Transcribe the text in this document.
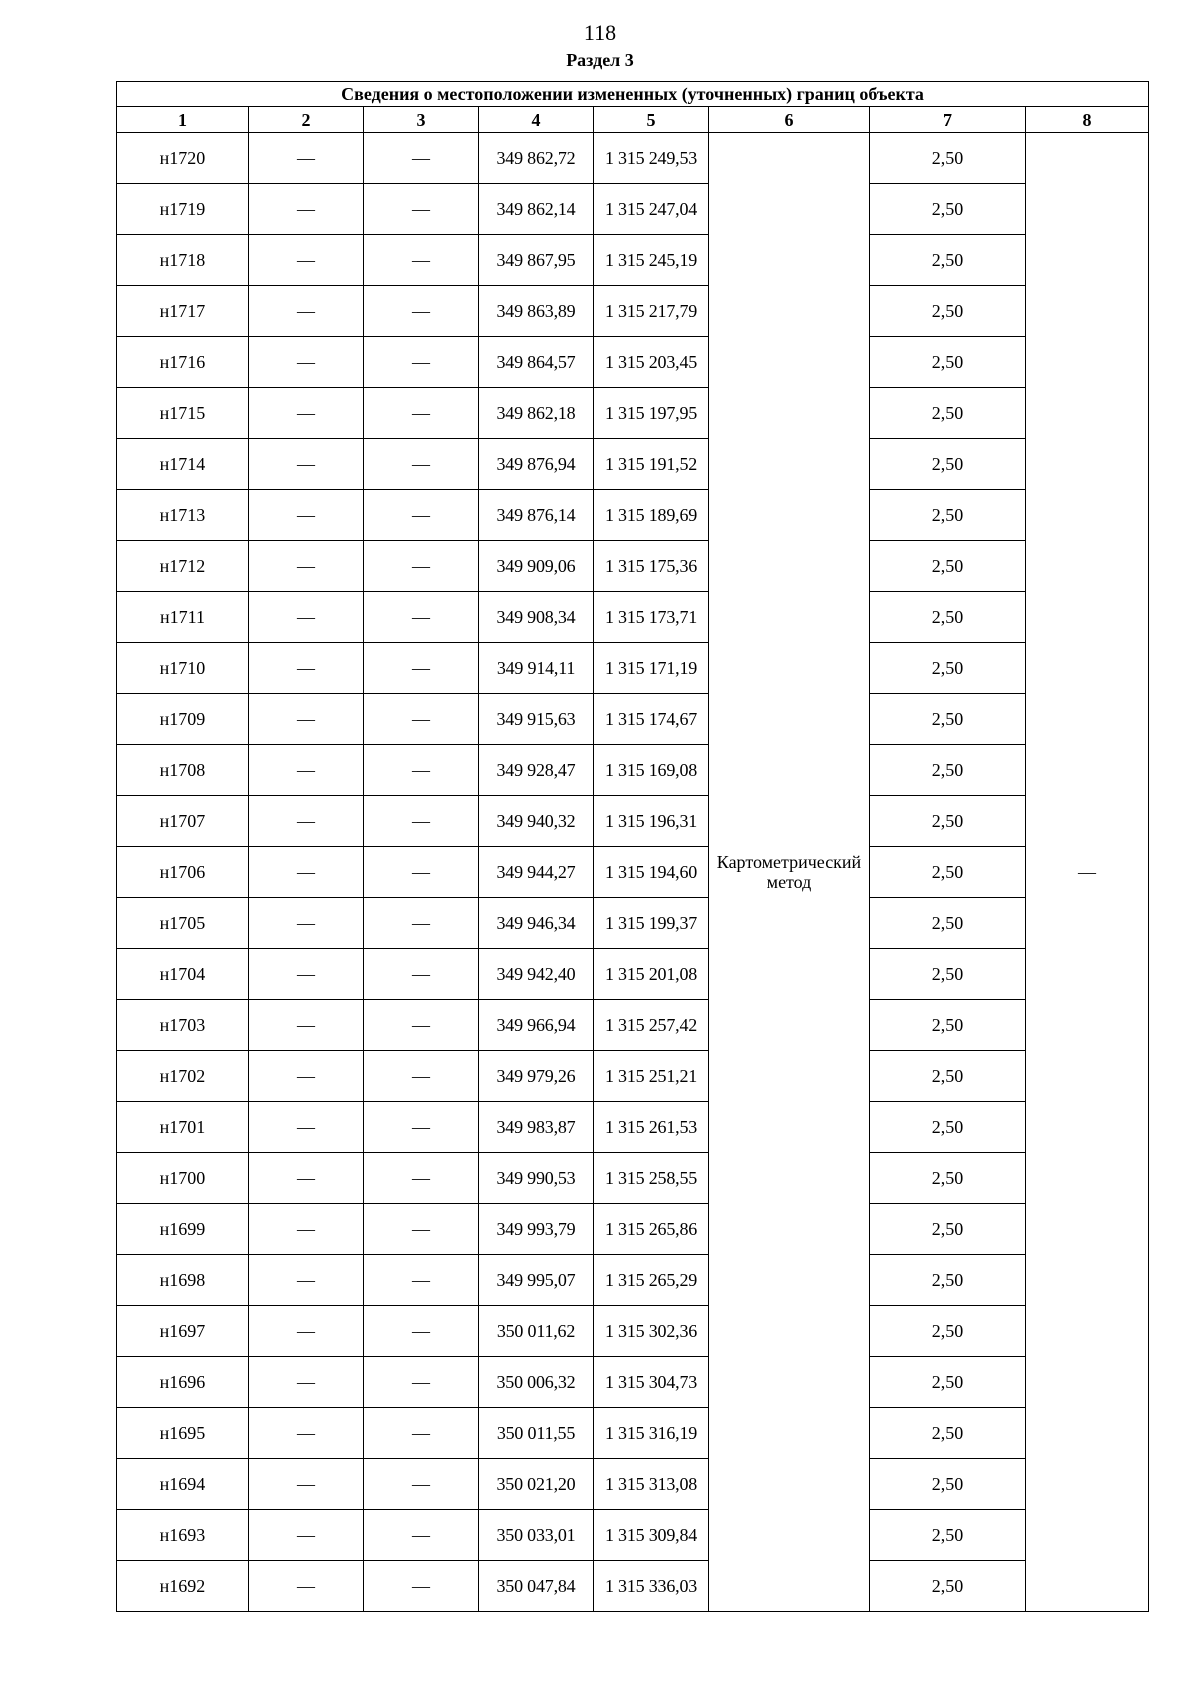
118
Раздел 3
Сведения о местоположении измененных (уточненных) границ объекта							
1	2	3	4	5	6	7	8
н1720	—	—	349 862,72	1 315 249,53	Картометрический метод	2,50	—
н1719	—	—	349 862,14	1 315 247,04		2,50	
н1718	—	—	349 867,95	1 315 245,19		2,50	
н1717	—	—	349 863,89	1 315 217,79		2,50	
н1716	—	—	349 864,57	1 315 203,45		2,50	
н1715	—	—	349 862,18	1 315 197,95		2,50	
н1714	—	—	349 876,94	1 315 191,52		2,50	
н1713	—	—	349 876,14	1 315 189,69		2,50	
н1712	—	—	349 909,06	1 315 175,36		2,50	
н1711	—	—	349 908,34	1 315 173,71		2,50	
н1710	—	—	349 914,11	1 315 171,19		2,50	
н1709	—	—	349 915,63	1 315 174,67		2,50	
н1708	—	—	349 928,47	1 315 169,08		2,50	
н1707	—	—	349 940,32	1 315 196,31		2,50	
н1706	—	—	349 944,27	1 315 194,60		2,50	
н1705	—	—	349 946,34	1 315 199,37		2,50	
н1704	—	—	349 942,40	1 315 201,08		2,50	
н1703	—	—	349 966,94	1 315 257,42		2,50	
н1702	—	—	349 979,26	1 315 251,21		2,50	
н1701	—	—	349 983,87	1 315 261,53		2,50	
н1700	—	—	349 990,53	1 315 258,55		2,50	
н1699	—	—	349 993,79	1 315 265,86		2,50	
н1698	—	—	349 995,07	1 315 265,29		2,50	
н1697	—	—	350 011,62	1 315 302,36		2,50	
н1696	—	—	350 006,32	1 315 304,73		2,50	
н1695	—	—	350 011,55	1 315 316,19		2,50	
н1694	—	—	350 021,20	1 315 313,08		2,50	
н1693	—	—	350 033,01	1 315 309,84		2,50	
н1692	—	—	350 047,84	1 315 336,03		2,50	
